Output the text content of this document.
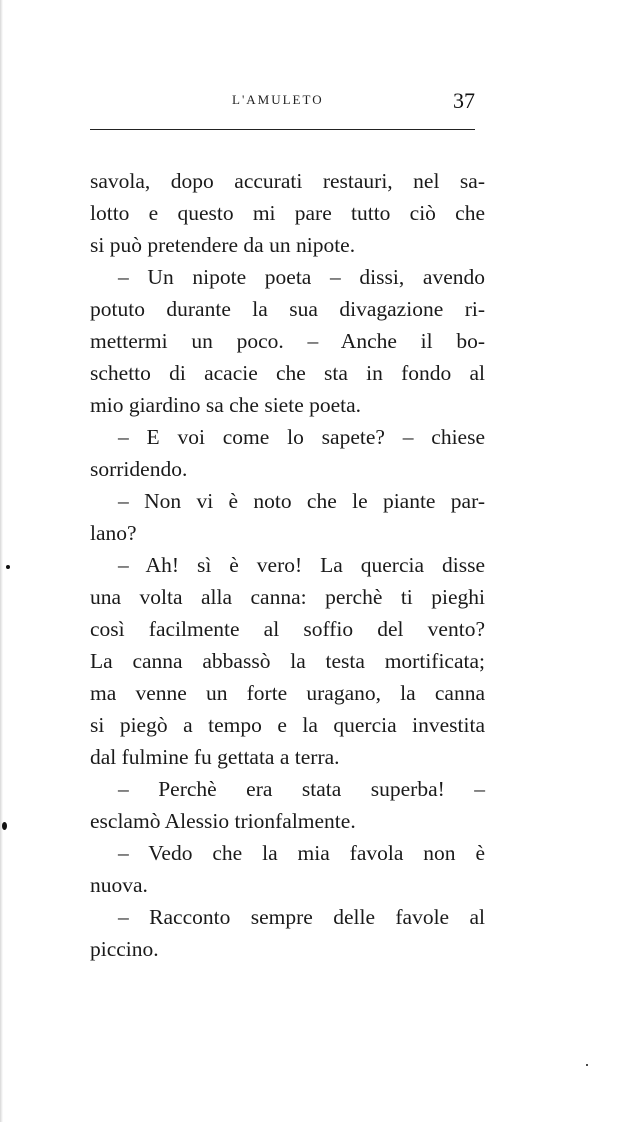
L'AMULETO	37
savola, dopo accurati restauri, nel sa-
lotto e questo mi pare tutto ciò che
si può pretendere da un nipote.
– Un nipote poeta – dissi, avendo
potuto durante la sua divagazione ri-
mettermi un poco. – Anche il bo-
schetto di acacie che sta in fondo al
mio giardino sa che siete poeta.
– E voi come lo sapete? – chiese
sorridendo.
– Non vi è noto che le piante par-
lano?
– Ah! sì è vero! La quercia disse
una volta alla canna: perchè ti pieghi
così facilmente al soffio del vento?
La canna abbassò la testa mortificata;
ma venne un forte uragano, la canna
si piegò a tempo e la quercia investita
dal fulmine fu gettata a terra.
– Perchè era stata superba! –
esclamò Alessio trionfalmente.
– Vedo che la mia favola non è
nuova.
– Racconto sempre delle favole al
piccino.
